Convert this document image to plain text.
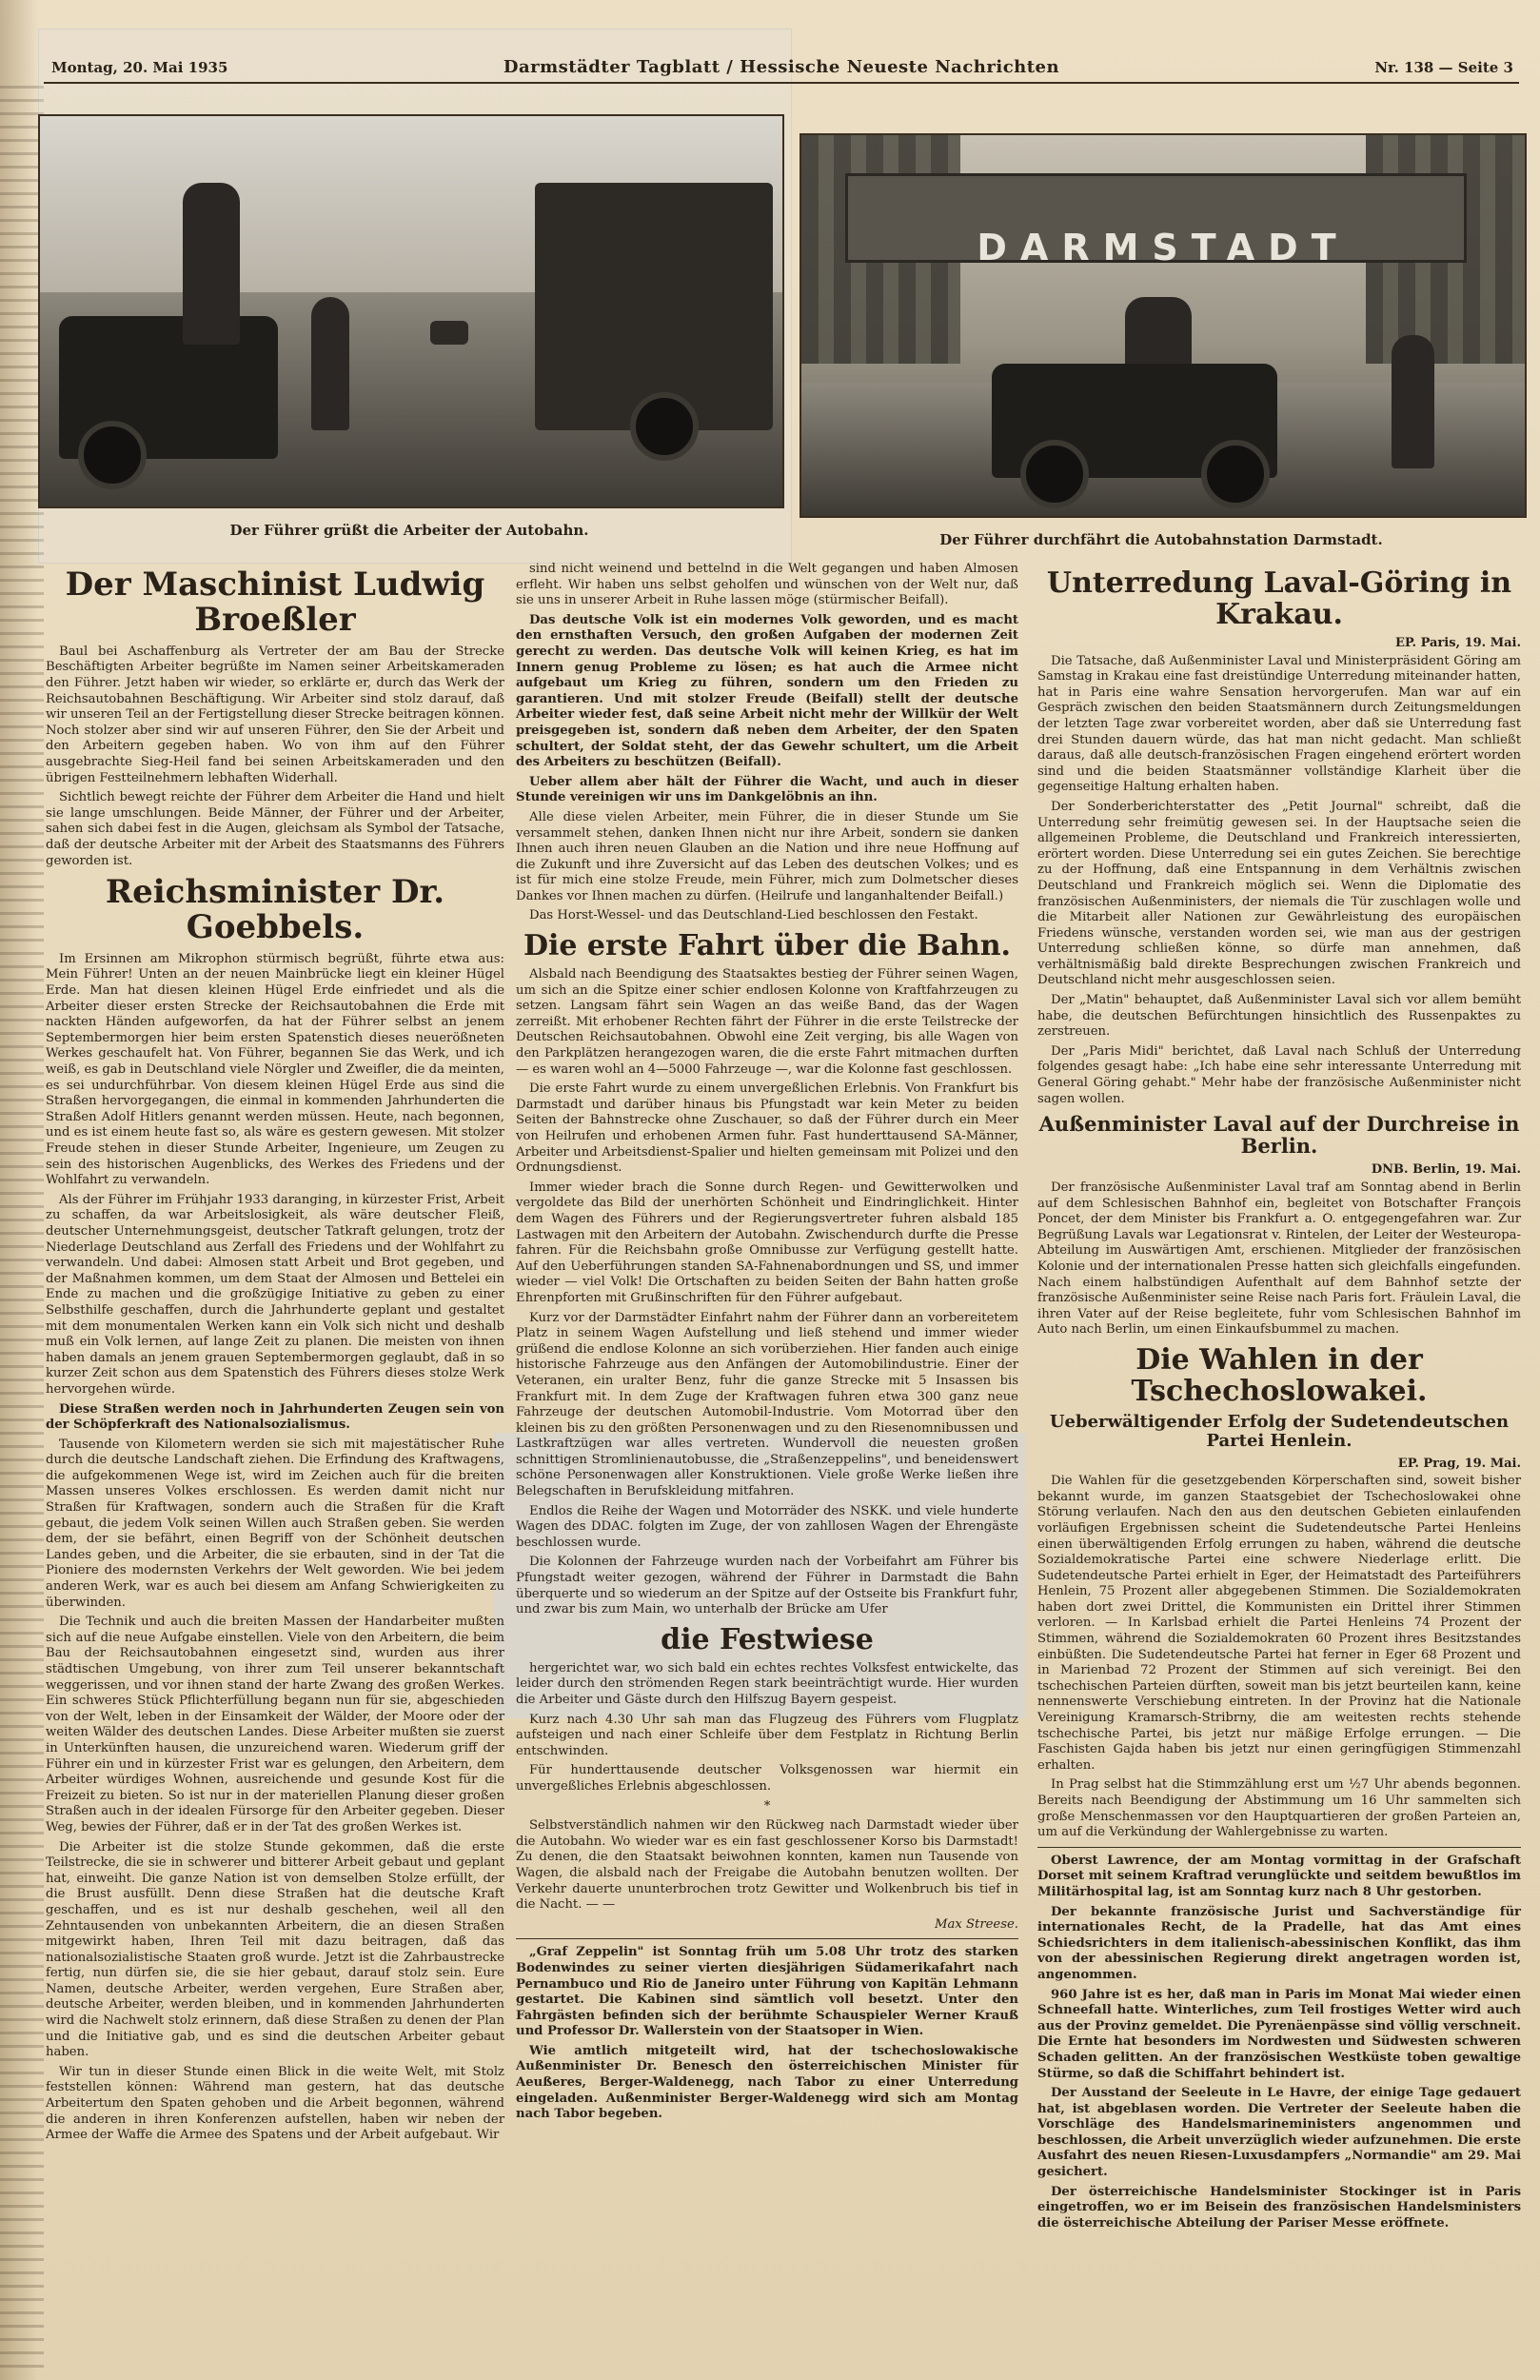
Montag, 20. Mai 1935	Darmstädter Tagblatt / Hessische Neueste Nachrichten	Nr. 138 — Seite 3
Der Führer grüßt die Arbeiter der Autobahn.
DARMSTADT
Der Führer durchfährt die Autobahnstation Darmstadt.
Der Maschinist Ludwig Broeßler

Baul bei Aschaffenburg als Vertreter der am Bau der Strecke Beschäftigten Arbeiter begrüßte im Namen seiner Arbeitskameraden den Führer. Jetzt haben wir wieder, so erklärte er, durch das Werk der Reichsautobahnen Beschäftigung. Wir Arbeiter sind stolz darauf, daß wir unseren Teil an der Fertigstellung dieser Strecke beitragen können. Noch stolzer aber sind wir auf unseren Führer, den Sie der Arbeit und den Arbeitern gegeben haben. Wo von ihm auf den Führer ausgebrachte Sieg-Heil fand bei seinen Arbeitskameraden und den übrigen Festteilnehmern lebhaften Widerhall.

Sichtlich bewegt reichte der Führer dem Arbeiter die Hand und hielt sie lange umschlungen. Beide Männer, der Führer und der Arbeiter, sahen sich dabei fest in die Augen, gleichsam als Symbol der Tatsache, daß der deutsche Arbeiter mit der Arbeit des Staatsmanns des Führers geworden ist.

Reichsminister Dr. Goebbels.

Im Ersinnen am Mikrophon stürmisch begrüßt, führte etwa aus: Mein Führer! Unten an der neuen Mainbrücke liegt ein kleiner Hügel Erde. Man hat diesen kleinen Hügel Erde einfriedet und als die Arbeiter dieser ersten Strecke der Reichsautobahnen die Erde mit nackten Händen aufgeworfen, da hat der Führer selbst an jenem Septembermorgen hier beim ersten Spatenstich dieses neuerößneten Werkes geschaufelt hat. Von Führer, begannen Sie das Werk, und ich weiß, es gab in Deutschland viele Nörgler und Zweifler, die da meinten, es sei undurchführbar. Von diesem kleinen Hügel Erde aus sind die Straßen hervorgegangen, die einmal in kommenden Jahrhunderten die Straßen Adolf Hitlers genannt werden müssen. Heute, nach begonnen, und es ist einem heute fast so, als wäre es gestern gewesen. Mit stolzer Freude stehen in dieser Stunde Arbeiter, Ingenieure, um Zeugen zu sein des historischen Augenblicks, des Werkes des Friedens und der Wohlfahrt zu verwandeln.

Als der Führer im Frühjahr 1933 daranging, in kürzester Frist, Arbeit zu schaffen, da war Arbeitslosigkeit, als wäre deutscher Fleiß, deutscher Unternehmungsgeist, deutscher Tatkraft gelungen, trotz der Niederlage Deutschland aus Zerfall des Friedens und der Wohlfahrt zu verwandeln. Und dabei: Almosen statt Arbeit und Brot gegeben, und der Maßnahmen kommen, um dem Staat der Almosen und Bettelei ein Ende zu machen und die großzügige Initiative zu geben zu einer Selbsthilfe geschaffen, durch die Jahrhunderte geplant und gestaltet mit dem monumentalen Werken kann ein Volk sich nicht und deshalb muß ein Volk lernen, auf lange Zeit zu planen. Die meisten von ihnen haben damals an jenem grauen Septembermorgen geglaubt, daß in so kurzer Zeit schon aus dem Spatenstich des Führers dieses stolze Werk hervorgehen würde.

Diese Straßen werden noch in Jahrhunderten Zeugen sein von der Schöpferkraft des Nationalsozialismus.

Tausende von Kilometern werden sie sich mit majestätischer Ruhe durch die deutsche Landschaft ziehen. Die Erfindung des Kraftwagens, die aufgekommenen Wege ist, wird im Zeichen auch für die breiten Massen unseres Volkes erschlossen. Es werden damit nicht nur Straßen für Kraftwagen, sondern auch die Straßen für die Kraft gebaut, die jedem Volk seinen Willen auch Straßen geben. Sie werden dem, der sie befährt, einen Begriff von der Schönheit deutschen Landes geben, und die Arbeiter, die sie erbauten, sind in der Tat die Pioniere des modernsten Verkehrs der Welt geworden. Wie bei jedem anderen Werk, war es auch bei diesem am Anfang Schwierigkeiten zu überwinden.

Die Technik und auch die breiten Massen der Handarbeiter mußten sich auf die neue Aufgabe einstellen. Viele von den Arbeitern, die beim Bau der Reichsautobahnen eingesetzt sind, wurden aus ihrer städtischen Umgebung, von ihrer zum Teil unserer bekanntschaft weggerissen, und vor ihnen stand der harte Zwang des großen Werkes. Ein schweres Stück Pflichterfüllung begann nun für sie, abgeschieden von der Welt, leben in der Einsamkeit der Wälder, der Moore oder der weiten Wälder des deutschen Landes. Diese Arbeiter mußten sie zuerst in Unterkünften hausen, die unzureichend waren. Wiederum griff der Führer ein und in kürzester Frist war es gelungen, den Arbeitern, dem Arbeiter würdiges Wohnen, ausreichende und gesunde Kost für die Freizeit zu bieten. So ist nur in der materiellen Planung dieser großen Straßen auch in der idealen Fürsorge für den Arbeiter gegeben. Dieser Weg, bewies der Führer, daß er in der Tat des großen Werkes ist.

Die Arbeiter ist die stolze Stunde gekommen, daß die erste Teilstrecke, die sie in schwerer und bitterer Arbeit gebaut und geplant hat, einweiht. Die ganze Nation ist von demselben Stolze erfüllt, der die Brust ausfüllt. Denn diese Straßen hat die deutsche Kraft geschaffen, und es ist nur deshalb geschehen, weil all den Zehntausenden von unbekannten Arbeitern, die an diesen Straßen mitgewirkt haben, Ihren Teil mit dazu beitragen, daß das nationalsozialistische Staaten groß wurde. Jetzt ist die Zahrbaustrecke fertig, nun dürfen sie, die sie hier gebaut, darauf stolz sein. Eure Namen, deutsche Arbeiter, werden vergehen, Eure Straßen aber, deutsche Arbeiter, werden bleiben, und in kommenden Jahrhunderten wird die Nachwelt stolz erinnern, daß diese Straßen zu denen der Plan und die Initiative gab, und es sind die deutschen Arbeiter gebaut haben.

Wir tun in dieser Stunde einen Blick in die weite Welt, mit Stolz feststellen können: Während man gestern, hat das deutsche Arbeitertum den Spaten gehoben und die Arbeit begonnen, während die anderen in ihren Konferenzen aufstellen, haben wir neben der Armee der Waffe die Armee des Spatens und der Arbeit aufgebaut. Wir

sind nicht weinend und bettelnd in die Welt gegangen und haben Almosen erfleht. Wir haben uns selbst geholfen und wünschen von der Welt nur, daß sie uns in unserer Arbeit in Ruhe lassen möge (stürmischer Beifall).

Das deutsche Volk ist ein modernes Volk geworden, und es macht den ernsthaften Versuch, den großen Aufgaben der modernen Zeit gerecht zu werden. Das deutsche Volk will keinen Krieg, es hat im Innern genug Probleme zu lösen; es hat auch die Armee nicht aufgebaut um Krieg zu führen, sondern um den Frieden zu garantieren. Und mit stolzer Freude (Beifall) stellt der deutsche Arbeiter wieder fest, daß seine Arbeit nicht mehr der Willkür der Welt preisgegeben ist, sondern daß neben dem Arbeiter, der den Spaten schultert, der Soldat steht, der das Gewehr schultert, um die Arbeit des Arbeiters zu beschützen (Beifall).

Ueber allem aber hält der Führer die Wacht, und auch in dieser Stunde vereinigen wir uns im Dankgelöbnis an ihn.

Alle diese vielen Arbeiter, mein Führer, die in dieser Stunde um Sie versammelt stehen, danken Ihnen nicht nur ihre Arbeit, sondern sie danken Ihnen auch ihren neuen Glauben an die Nation und ihre neue Hoffnung auf die Zukunft und ihre Zuversicht auf das Leben des deutschen Volkes; und es ist für mich eine stolze Freude, mein Führer, mich zum Dolmetscher dieses Dankes vor Ihnen machen zu dürfen. (Heilrufe und langanhaltender Beifall.)

Das Horst-Wessel- und das Deutschland-Lied beschlossen den Festakt.

Die erste Fahrt über die Bahn.

Alsbald nach Beendigung des Staatsaktes bestieg der Führer seinen Wagen, um sich an die Spitze einer schier endlosen Kolonne von Kraftfahrzeugen zu setzen. Langsam fährt sein Wagen an das weiße Band, das der Wagen zerreißt. Mit erhobener Rechten fährt der Führer in die erste Teilstrecke der Deutschen Reichsautobahnen. Obwohl eine Zeit verging, bis alle Wagen von den Parkplätzen herangezogen waren, die die erste Fahrt mitmachen durften — es waren wohl an 4—5000 Fahrzeuge —, war die Kolonne fast geschlossen.

Die erste Fahrt wurde zu einem unvergeßlichen Erlebnis. Von Frankfurt bis Darmstadt und darüber hinaus bis Pfungstadt war kein Meter zu beiden Seiten der Bahnstrecke ohne Zuschauer, so daß der Führer durch ein Meer von Heilrufen und erhobenen Armen fuhr. Fast hunderttausend SA-Männer, Arbeiter und Arbeitsdienst-Spalier und hielten gemeinsam mit Polizei und den Ordnungsdienst.

Immer wieder brach die Sonne durch Regen- und Gewitterwolken und vergoldete das Bild der unerhörten Schönheit und Eindringlichkeit. Hinter dem Wagen des Führers und der Regierungsvertreter fuhren alsbald 185 Lastwagen mit den Arbeitern der Autobahn. Zwischendurch durfte die Presse fahren. Für die Reichsbahn große Omnibusse zur Verfügung gestellt hatte. Auf den Ueberführungen standen SA-Fahnenabordnungen und SS, und immer wieder — viel Volk! Die Ortschaften zu beiden Seiten der Bahn hatten große Ehrenpforten mit Grußinschriften für den Führer aufgebaut.

Kurz vor der Darmstädter Einfahrt nahm der Führer dann an vorbereitetem Platz in seinem Wagen Aufstellung und ließ stehend und immer wieder grüßend die endlose Kolonne an sich vorüberziehen. Hier fanden auch einige historische Fahrzeuge aus den Anfängen der Automobilindustrie. Einer der Veteranen, ein uralter Benz, fuhr die ganze Strecke mit 5 Insassen bis Frankfurt mit. In dem Zuge der Kraftwagen fuhren etwa 300 ganz neue Fahrzeuge der deutschen Automobil-Industrie. Vom Motorrad über den kleinen bis zu den größten Personenwagen und zu den Riesenomnibussen und Lastkraftzügen war alles vertreten. Wundervoll die neuesten großen schnittigen Stromlinienautobusse, die „Straßenzeppelins", und beneidenswert schöne Personenwagen aller Konstruktionen. Viele große Werke ließen ihre Belegschaften in Berufskleidung mitfahren.

Endlos die Reihe der Wagen und Motorräder des NSKK. und viele hunderte Wagen des DDAC. folgten im Zuge, der von zahllosen Wagen der Ehrengäste beschlossen wurde.

Die Kolonnen der Fahrzeuge wurden nach der Vorbeifahrt am Führer bis Pfungstadt weiter gezogen, während der Führer in Darmstadt die Bahn überquerte und so wiederum an der Spitze auf der Ostseite bis Frankfurt fuhr, und zwar bis zum Main, wo unterhalb der Brücke am Ufer

die Festwiese

hergerichtet war, wo sich bald ein echtes rechtes Volksfest entwickelte, das leider durch den strömenden Regen stark beeinträchtigt wurde. Hier wurden die Arbeiter und Gäste durch den Hilfszug Bayern gespeist.

Kurz nach 4.30 Uhr sah man das Flugzeug des Führers vom Flugplatz aufsteigen und nach einer Schleife über dem Festplatz in Richtung Berlin entschwinden.

Für hunderttausende deutscher Volksgenossen war hiermit ein unvergeßliches Erlebnis abgeschlossen.

*

Selbstverständlich nahmen wir den Rückweg nach Darmstadt wieder über die Autobahn. Wo wieder war es ein fast geschlossener Korso bis Darmstadt! Zu denen, die den Staatsakt beiwohnen konnten, kamen nun Tausende von Wagen, die alsbald nach der Freigabe die Autobahn benutzen wollten. Der Verkehr dauerte ununterbrochen trotz Gewitter und Wolkenbruch bis tief in die Nacht. — —

Max Streese.

„Graf Zeppelin" ist Sonntag früh um 5.08 Uhr trotz des starken Bodenwindes zu seiner vierten diesjährigen Südamerikafahrt nach Pernambuco und Rio de Janeiro unter Führung von Kapitän Lehmann gestartet. Die Kabinen sind sämtlich voll besetzt. Unter den Fahrgästen befinden sich der berühmte Schauspieler Werner Krauß und Professor Dr. Wallerstein von der Staatsoper in Wien.

Wie amtlich mitgeteilt wird, hat der tschechoslowakische Außenminister Dr. Benesch den österreichischen Minister für Aeußeres, Berger-Waldenegg, nach Tabor zu einer Unterredung eingeladen. Außenminister Berger-Waldenegg wird sich am Montag nach Tabor begeben.

Unterredung Laval-Göring in Krakau.
EP. Paris, 19. Mai.

Die Tatsache, daß Außenminister Laval und Ministerpräsident Göring am Samstag in Krakau eine fast dreistündige Unterredung miteinander hatten, hat in Paris eine wahre Sensation hervorgerufen. Man war auf ein Gespräch zwischen den beiden Staatsmännern durch Zeitungsmeldungen der letzten Tage zwar vorbereitet worden, aber daß sie Unterredung fast drei Stunden dauern würde, das hat man nicht gedacht. Man schließt daraus, daß alle deutsch-französischen Fragen eingehend erörtert worden sind und die beiden Staatsmänner vollständige Klarheit über die gegenseitige Haltung erhalten haben.

Der Sonderberichterstatter des „Petit Journal" schreibt, daß die Unterredung sehr freimütig gewesen sei. In der Hauptsache seien die allgemeinen Probleme, die Deutschland und Frankreich interessierten, erörtert worden. Diese Unterredung sei ein gutes Zeichen. Sie berechtige zu der Hoffnung, daß eine Entspannung in dem Verhältnis zwischen Deutschland und Frankreich möglich sei. Wenn die Diplomatie des französischen Außenministers, der niemals die Tür zuschlagen wolle und die Mitarbeit aller Nationen zur Gewährleistung des europäischen Friedens wünsche, verstanden worden sei, wie man aus der gestrigen Unterredung schließen könne, so dürfe man annehmen, daß verhältnismäßig bald direkte Besprechungen zwischen Frankreich und Deutschland nicht mehr ausgeschlossen seien.

Der „Matin" behauptet, daß Außenminister Laval sich vor allem bemüht habe, die deutschen Befürchtungen hinsichtlich des Russenpaktes zu zerstreuen.

Der „Paris Midi" berichtet, daß Laval nach Schluß der Unterredung folgendes gesagt habe: „Ich habe eine sehr interessante Unterredung mit General Göring gehabt." Mehr habe der französische Außenminister nicht sagen wollen.

Außenminister Laval auf der Durchreise in Berlin.
DNB. Berlin, 19. Mai.

Der französische Außenminister Laval traf am Sonntag abend in Berlin auf dem Schlesischen Bahnhof ein, begleitet von Botschafter François Poncet, der dem Minister bis Frankfurt a. O. entgegengefahren war. Zur Begrüßung Lavals war Legationsrat v. Rintelen, der Leiter der Westeuropa-Abteilung im Auswärtigen Amt, erschienen. Mitglieder der französischen Kolonie und der internationalen Presse hatten sich gleichfalls eingefunden. Nach einem halbstündigen Aufenthalt auf dem Bahnhof setzte der französische Außenminister seine Reise nach Paris fort. Fräulein Laval, die ihren Vater auf der Reise begleitete, fuhr vom Schlesischen Bahnhof im Auto nach Berlin, um einen Einkaufsbummel zu machen.

Die Wahlen in der Tschechoslowakei.
Ueberwältigender Erfolg der Sudetendeutschen Partei Henlein.
EP. Prag, 19. Mai.

Die Wahlen für die gesetzgebenden Körperschaften sind, soweit bisher bekannt wurde, im ganzen Staatsgebiet der Tschechoslowakei ohne Störung verlaufen. Nach den aus den deutschen Gebieten einlaufenden vorläufigen Ergebnissen scheint die Sudetendeutsche Partei Henleins einen überwältigenden Erfolg errungen zu haben, während die deutsche Sozialdemokratische Partei eine schwere Niederlage erlitt. Die Sudetendeutsche Partei erhielt in Eger, der Heimatstadt des Parteiführers Henlein, 75 Prozent aller abgegebenen Stimmen. Die Sozialdemokraten haben dort zwei Drittel, die Kommunisten ein Drittel ihrer Stimmen verloren. — In Karlsbad erhielt die Partei Henleins 74 Prozent der Stimmen, während die Sozialdemokraten 60 Prozent ihres Besitzstandes einbüßten. Die Sudetendeutsche Partei hat ferner in Eger 68 Prozent und in Marienbad 72 Prozent der Stimmen auf sich vereinigt. Bei den tschechischen Parteien dürften, soweit man bis jetzt beurteilen kann, keine nennenswerte Verschiebung eintreten. In der Provinz hat die Nationale Vereinigung Kramarsch-Stribrny, die am weitesten rechts stehende tschechische Partei, bis jetzt nur mäßige Erfolge errungen. — Die Faschisten Gajda haben bis jetzt nur einen geringfügigen Stimmenzahl erhalten.

In Prag selbst hat die Stimmzählung erst um ½7 Uhr abends begonnen. Bereits nach Beendigung der Abstimmung um 16 Uhr sammelten sich große Menschenmassen vor den Hauptquartieren der großen Parteien an, um auf die Verkündung der Wahlergebnisse zu warten.

Oberst Lawrence, der am Montag vormittag in der Grafschaft Dorset mit seinem Kraftrad verunglückte und seitdem bewußtlos im Militärhospital lag, ist am Sonntag kurz nach 8 Uhr gestorben.

Der bekannte französische Jurist und Sachverständige für internationales Recht, de la Pradelle, hat das Amt eines Schiedsrichters in dem italienisch-abessinischen Konflikt, das ihm von der abessinischen Regierung direkt angetragen worden ist, angenommen.

960 Jahre ist es her, daß man in Paris im Monat Mai wieder einen Schneefall hatte. Winterliches, zum Teil frostiges Wetter wird auch aus der Provinz gemeldet. Die Pyrenäenpässe sind völlig verschneit. Die Ernte hat besonders im Nordwesten und Südwesten schweren Schaden gelitten. An der französischen Westküste toben gewaltige Stürme, so daß die Schiffahrt behindert ist.

Der Ausstand der Seeleute in Le Havre, der einige Tage gedauert hat, ist abgeblasen worden. Die Vertreter der Seeleute haben die Vorschläge des Handelsmarineministers angenommen und beschlossen, die Arbeit unverzüglich wieder aufzunehmen. Die erste Ausfahrt des neuen Riesen-Luxusdampfers „Normandie" am 29. Mai gesichert.

Der österreichische Handelsminister Stockinger ist in Paris eingetroffen, wo er im Beisein des französischen Handelsministers die österreichische Abteilung der Pariser Messe eröffnete.
